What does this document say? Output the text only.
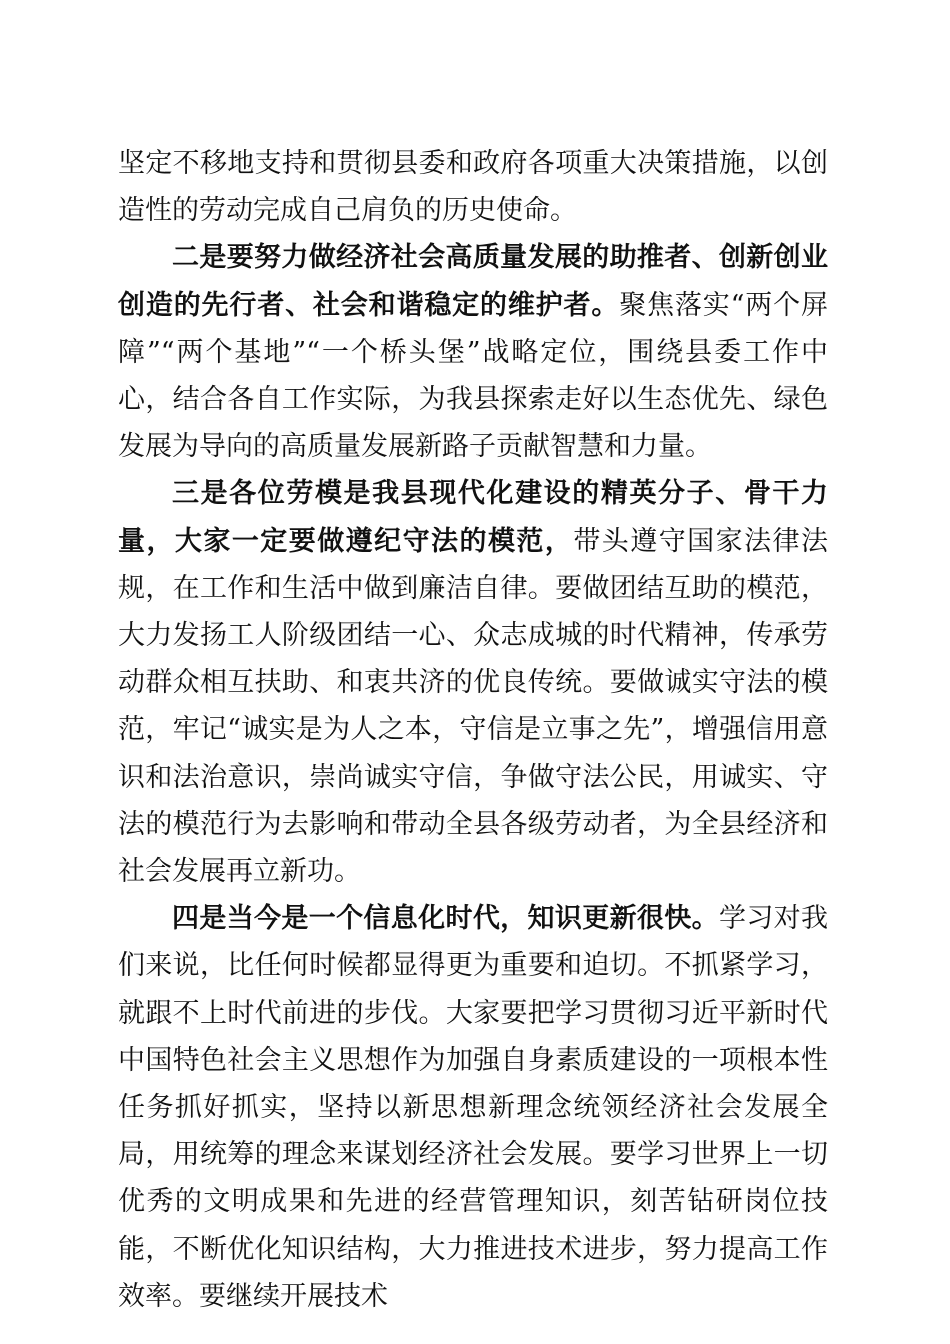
坚定不移地支持和贯彻县委和政府各项重大决策措施，以创造性的劳动完成自己肩负的历史使命。

二是要努力做经济社会高质量发展的助推者、创新创业创造的先行者、社会和谐稳定的维护者。聚焦落实“两个屏障”“两个基地”“一个桥头堡”战略定位，围绕县委工作中心，结合各自工作实际，为我县探索走好以生态优先、绿色发展为导向的高质量发展新路子贡献智慧和力量。

三是各位劳模是我县现代化建设的精英分子、骨干力量，大家一定要做遵纪守法的模范，带头遵守国家法律法规，在工作和生活中做到廉洁自律。要做团结互助的模范，大力发扬工人阶级团结一心、众志成城的时代精神，传承劳动群众相互扶助、和衷共济的优良传统。要做诚实守法的模范，牢记“诚实是为人之本，守信是立事之先”，增强信用意识和法治意识，崇尚诚实守信，争做守法公民，用诚实、守法的模范行为去影响和带动全县各级劳动者，为全县经济和社会发展再立新功。

四是当今是一个信息化时代，知识更新很快。学习对我们来说，比任何时候都显得更为重要和迫切。不抓紧学习，就跟不上时代前进的步伐。大家要把学习贯彻习近平新时代中国特色社会主义思想作为加强自身素质建设的一项根本性任务抓好抓实，坚持以新思想新理念统领经济社会发展全局，用统筹的理念来谋划经济社会发展。要学习世界上一切优秀的文明成果和先进的经营管理知识，刻苦钻研岗位技能，不断优化知识结构，大力推进技术进步，努力提高工作效率。要继续开展技术
